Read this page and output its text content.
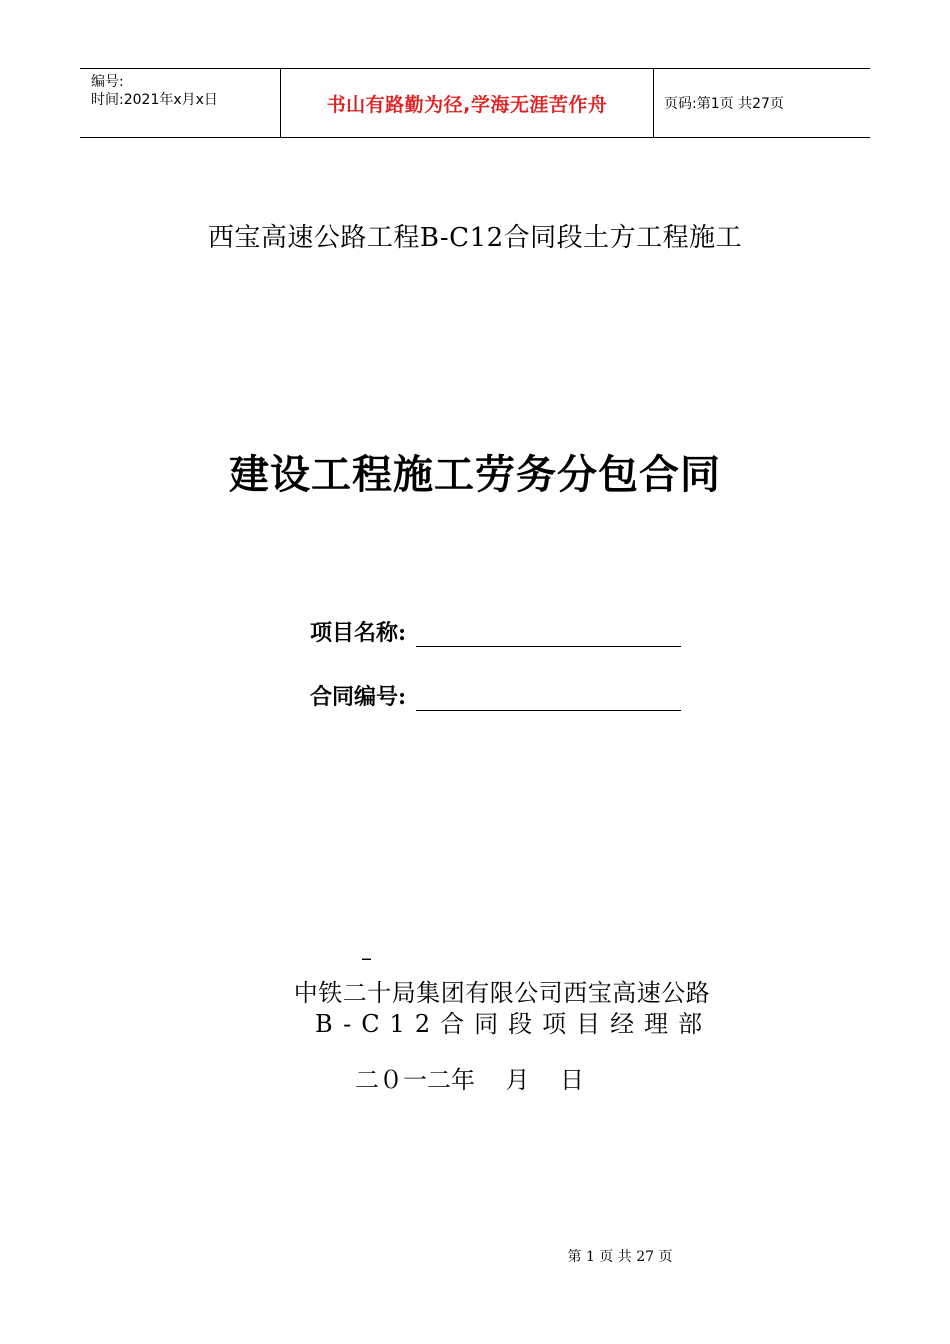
编号:
时间:2021年x月x日	书山有路勤为径,学海无涯苦作舟	页码:第1页 共27页
西宝高速公路工程B-C12合同段土方工程施工
建设工程施工劳务分包合同
项目名称:
合同编号:
–
中铁二十局集团有限公司西宝高速公路
B-C12合同段项目经理部
二０一二年    月    日
第 1 页 共 27 页
